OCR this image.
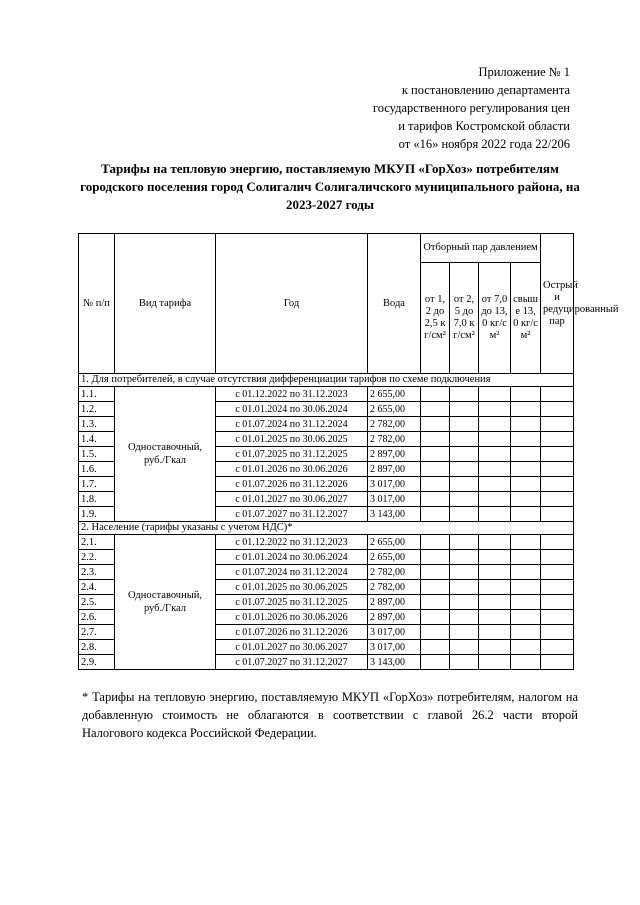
Приложение № 1
к постановлению департамента
государственного регулирования цен
и тарифов Костромской области
от «16» ноября 2022 года 22/206
Тарифы на тепловую энергию, поставляемую МКУП «ГорХоз» потребителям городского поселения город Солигалич Солигаличского муниципального района, на 2023-2027 годы
№ п/п	Вид тарифа	Год	Вода	Отборный пар давлением				Острый и редуцированный пар
				от 1,2 до 2,5 кг/см²	от 2,5 до 7,0 кг/см²	от 7,0 до 13,0 кг/см²	свыше 13,0 кг/см²	
1. Для потребителей, в случае отсутствия дифференциации тарифов по схеме подключения								
1.1.	Одноставочный, руб./Гкал	с 01.12.2022 по 31.12.2023	2 655,00					
1.2.		с 01.01.2024 по 30.06.2024	2 655,00					
1.3.		с 01.07.2024 по 31.12.2024	2 782,00					
1.4.		с 01.01.2025 по 30.06.2025	2 782,00					
1.5.		с 01.07.2025 по 31.12.2025	2 897,00					
1.6.		с 01.01.2026 по 30.06.2026	2 897,00					
1.7.		с 01.07.2026 по 31.12.2026	3 017,00					
1.8.		с 01.01.2027 по 30.06.2027	3 017,00					
1.9.		с 01.07.2027 по 31.12.2027	3 143,00					
2. Население (тарифы указаны с учетом НДС)*								
2.1.	Одноставочный, руб./Гкал	с 01.12.2022 по 31.12.2023	2 655,00					
2.2.		с 01.01.2024 по 30.06.2024	2 655,00					
2.3.		с 01.07.2024 по 31.12.2024	2 782,00					
2.4.		с 01.01.2025 по 30.06.2025	2 782,00					
2.5.		с 01.07.2025 по 31.12.2025	2 897,00					
2.6.		с 01.01.2026 по 30.06.2026	2 897,00					
2.7.		с 01.07.2026 по 31.12.2026	3 017,00					
2.8.		с 01.01.2027 по 30.06.2027	3 017,00					
2.9.		с 01.07.2027 по 31.12.2027	3 143,00					
* Тарифы на тепловую энергию, поставляемую МКУП «ГорХоз» потребителям, налогом на добавленную стоимость не облагаются в соответствии с главой 26.2 части второй Налогового кодекса Российской Федерации.
